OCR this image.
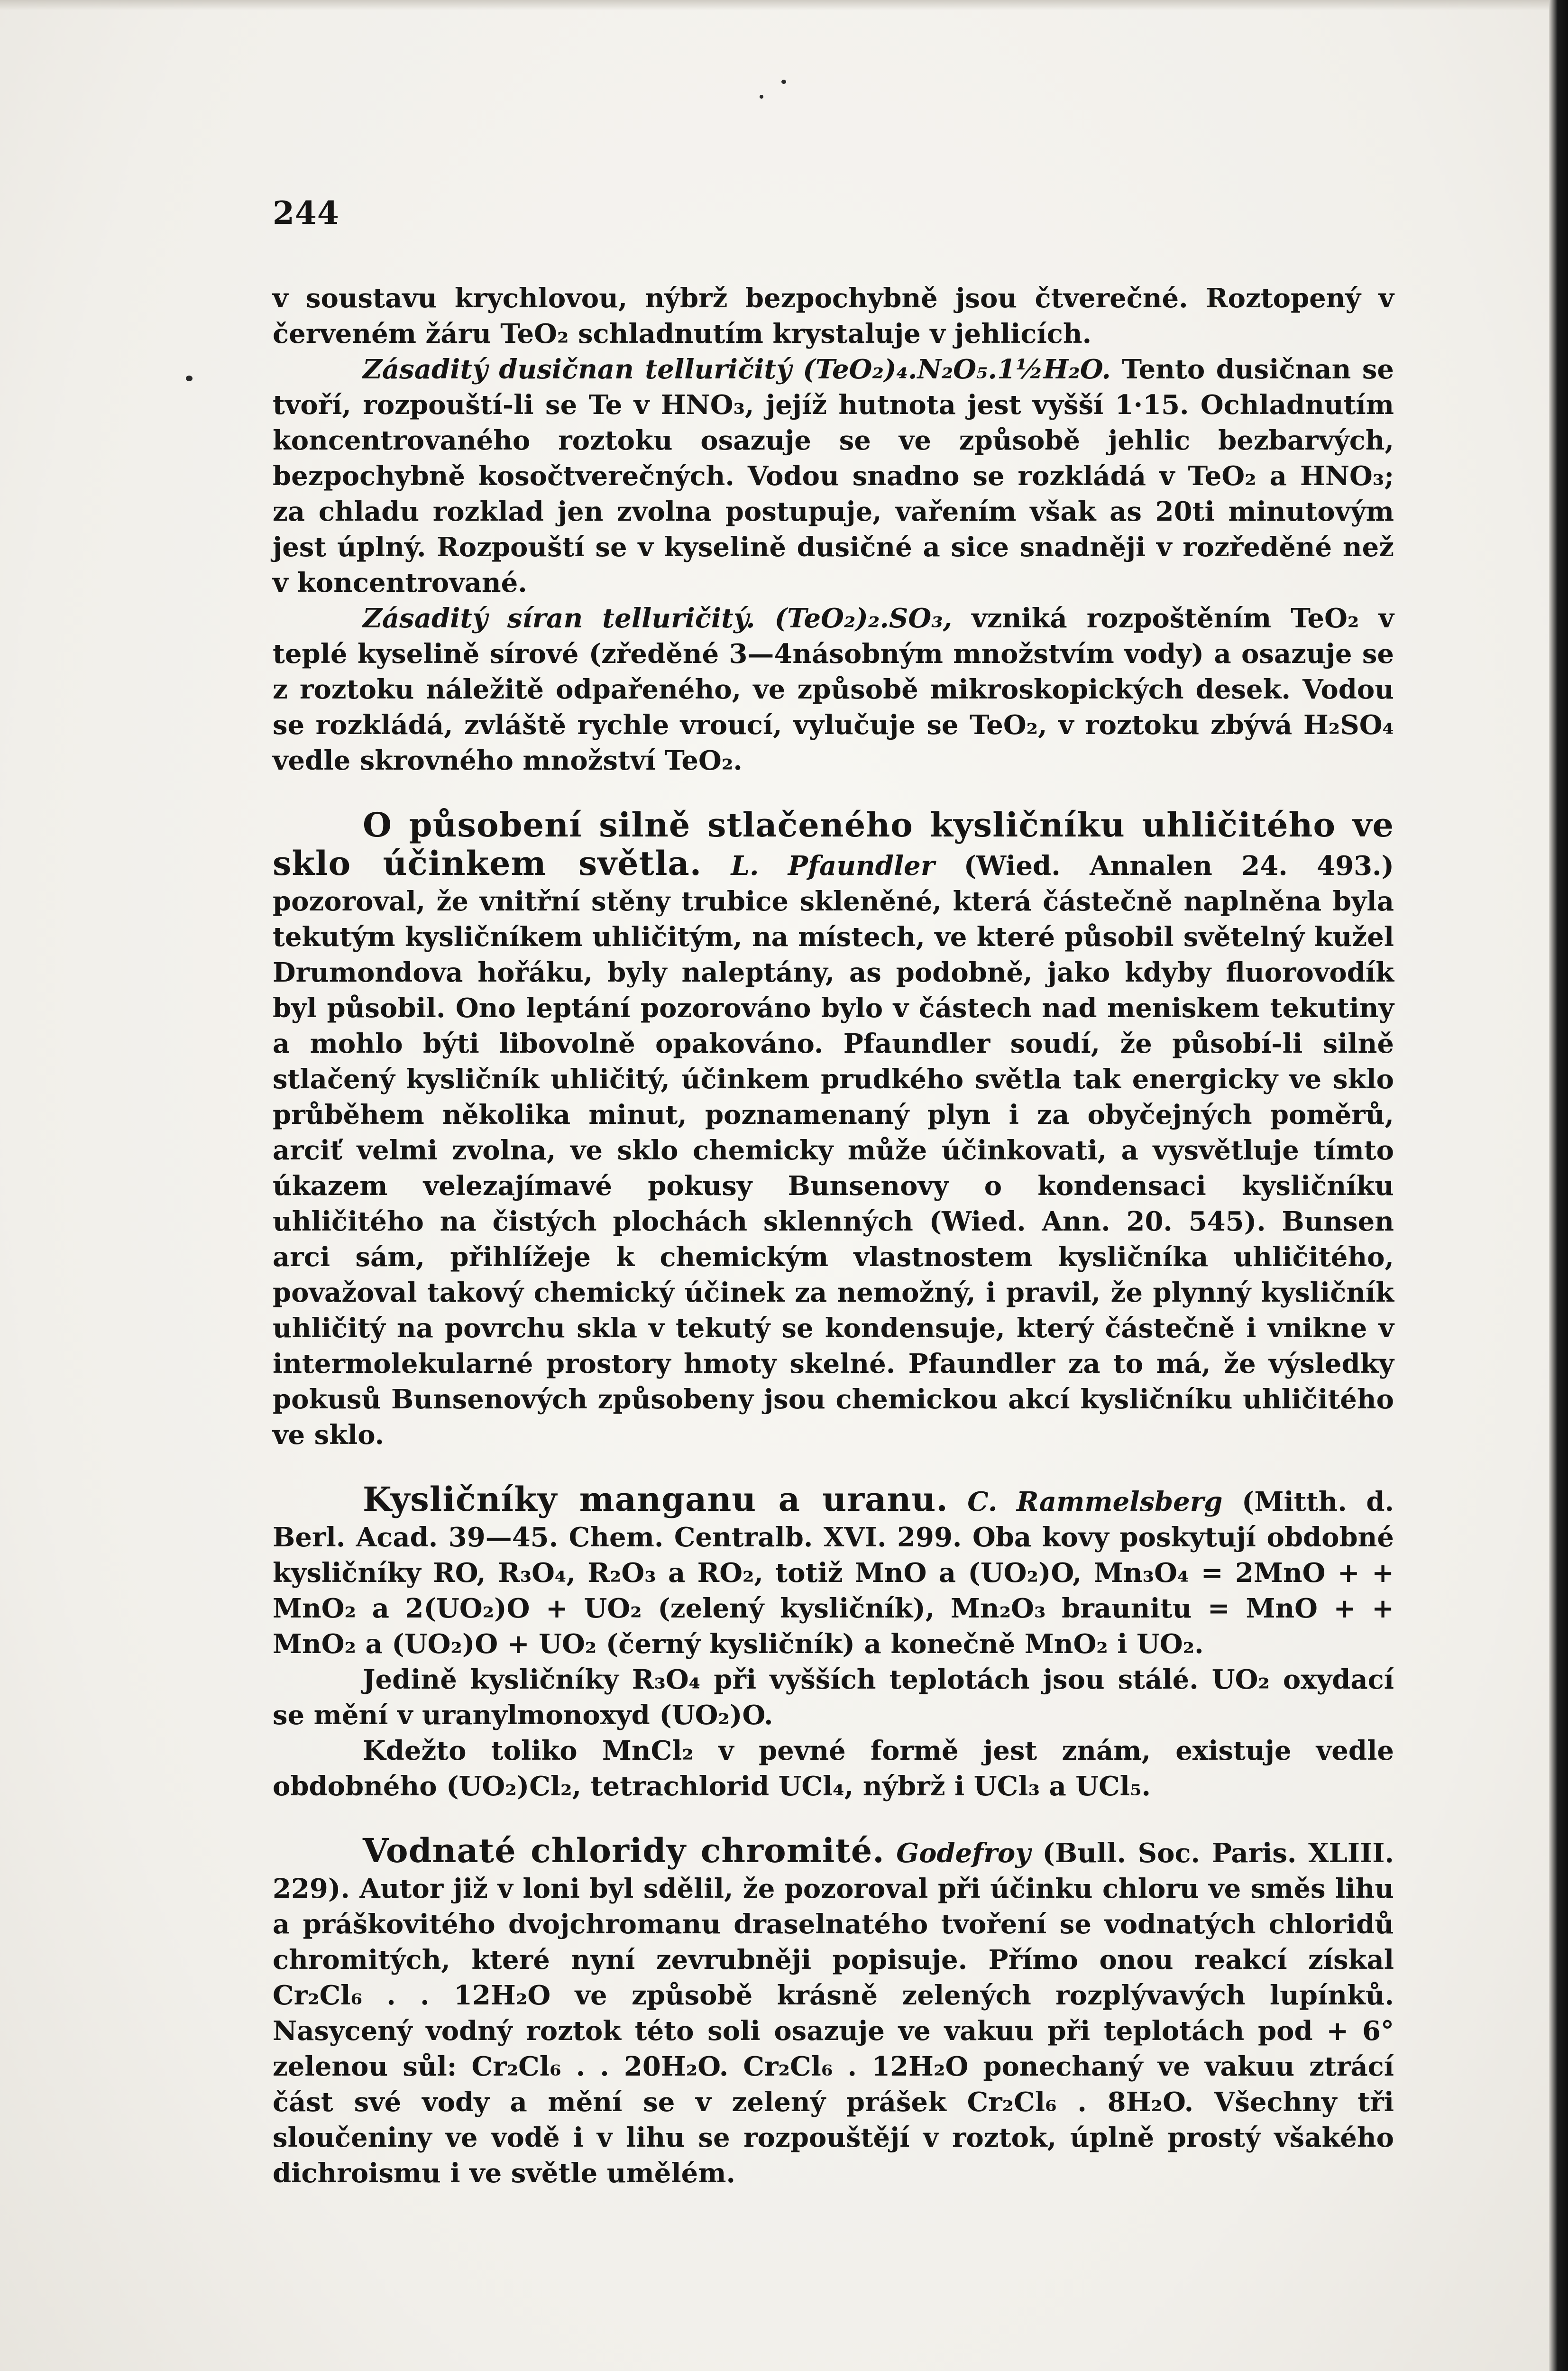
244

v soustavu krychlovou, nýbrž bezpochybně jsou čtverečné. Roztopený v červeném žáru TeO₂ schladnutím krystaluje v jehlicích.

Zásaditý dusičnan telluričitý (TeO₂)₄.N₂O₅.1½H₂O. Tento dusičnan se tvoří, rozpouští-li se Te v HNO₃, jejíž hutnota jest vyšší 1·15. Ochladnutím koncentrovaného roztoku osazuje se ve způsobě jehlic bezbarvých, bezpochybně kosočtverečných. Vodou snadno se rozkládá v TeO₂ a HNO₃; za chladu rozklad jen zvolna postupuje, vařením však as 20ti minutovým jest úplný. Rozpouští se v kyselině dusičné a sice snadněji v rozředěné než v koncentrované.

Zásaditý síran telluričitý. (TeO₂)₂.SO₃, vzniká rozpoštěním TeO₂ v teplé kyselině sírové (zředěné 3—4násobným množstvím vody) a osazuje se z roztoku náležitě odpařeného, ve způsobě mikroskopických desek. Vodou se rozkládá, zvláště rychle vroucí, vylučuje se TeO₂, v roztoku zbývá H₂SO₄ vedle skrovného množství TeO₂.

O působení silně stlačeného kysličníku uhličitého ve sklo účinkem světla. L. Pfaundler (Wied. Annalen 24. 493.) pozoroval, že vnitřní stěny trubice skleněné, která částečně naplněna byla tekutým kysličníkem uhličitým, na místech, ve které působil světelný kužel Drumondova hořáku, byly naleptány, as podobně, jako kdyby fluorovodík byl působil. Ono leptání pozorováno bylo v částech nad meniskem tekutiny a mohlo býti libovolně opakováno. Pfaundler soudí, že působí-li silně stlačený kysličník uhličitý, účinkem prudkého světla tak energicky ve sklo průběhem několika minut, poznamenaný plyn i za obyčejných poměrů, arciť velmi zvolna, ve sklo chemicky může účinkovati, a vysvětluje tímto úkazem velezajímavé pokusy Bunsenovy o kondensaci kysličníku uhličitého na čistých plochách sklenných (Wied. Ann. 20. 545). Bunsen arci sám, přihlížeje k chemickým vlastnostem kysličníka uhličitého, považoval takový chemický účinek za nemožný, i pravil, že plynný kysličník uhličitý na povrchu skla v tekutý se kondensuje, který částečně i vnikne v intermolekularné prostory hmoty skelné. Pfaundler za to má, že výsledky pokusů Bunsenových způsobeny jsou chemickou akcí kysličníku uhličitého ve sklo.

Kysličníky manganu a uranu. C. Rammelsberg (Mitth. d. Berl. Acad. 39—45. Chem. Centralb. XVI. 299. Oba kovy poskytují obdobné kysličníky RO, R₃O₄, R₂O₃ a RO₂, totiž MnO a (UO₂)O, Mn₃O₄ = 2MnO + + MnO₂ a 2(UO₂)O + UO₂ (zelený kysličník), Mn₂O₃ braunitu = MnO + + MnO₂ a (UO₂)O + UO₂ (černý kysličník) a konečně MnO₂ i UO₂.

Jedině kysličníky R₃O₄ při vyšších teplotách jsou stálé. UO₂ oxydací se mění v uranylmonoxyd (UO₂)O.

Kdežto toliko MnCl₂ v pevné formě jest znám, existuje vedle obdobného (UO₂)Cl₂, tetrachlorid UCl₄, nýbrž i UCl₃ a UCl₅.

Vodnaté chloridy chromité. Godefroy (Bull. Soc. Paris. XLIII. 229). Autor již v loni byl sdělil, že pozoroval při účinku chloru ve směs lihu a práškovitého dvojchromanu draselnatého tvoření se vodnatých chloridů chromitých, které nyní zevrubněji popisuje. Přímo onou reakcí získal Cr₂Cl₆ . . 12H₂O ve způsobě krásně zelených rozplývavých lupínků. Nasycený vodný roztok této soli osazuje ve vakuu při teplotách pod + 6° zelenou sůl: Cr₂Cl₆ . . 20H₂O. Cr₂Cl₆ . 12H₂O ponechaný ve vakuu ztrácí část své vody a mění se v zelený prášek Cr₂Cl₆ . 8H₂O. Všechny tři sloučeniny ve vodě i v lihu se rozpouštějí v roztok, úplně prostý všakého dichroismu i ve světle umělém.
